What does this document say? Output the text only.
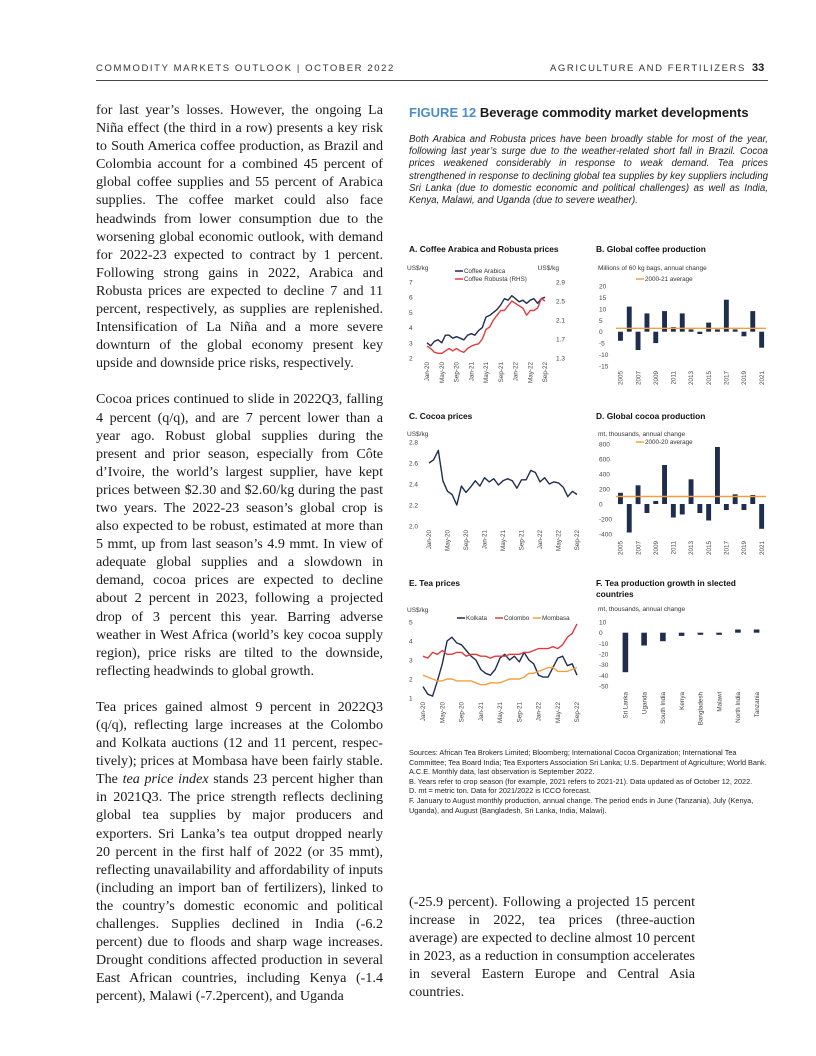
COMMODITY MARKETS OUTLOOK | OCTOBER 2022	AGRICULTURE AND FERTILIZERS 33

for last year’s losses. However, the ongoing La Niña effect (the third in a row) presents a key risk to South America coffee production, as Brazil and Colombia account for a combined 45 percent of global coffee supplies and 55 percent of Arabica supplies. The coffee market could also face headwinds from lower consumption due to the worsening global economic outlook, with demand for 2022-23 expected to contract by 1 percent. Following strong gains in 2022, Arabica and Robusta prices are expected to decline 7 and 11 percent, respectively, as supplies are replenished. Intensification of La Niña and a more severe downturn of the global economy present key upside and downside price risks, respectively.

Cocoa prices continued to slide in 2022Q3, falling 4 percent (q/q), and are 7 percent lower than a year ago. Robust global supplies during the present and prior season, especially from Côte d’Ivoire, the world’s largest supplier, have kept prices between $2.30 and $2.60/kg during the past two years. The 2022-23 season’s global crop is also expected to be robust, estimated at more than 5 mmt, up from last season’s 4.9 mmt. In view of adequate global supplies and a slowdown in demand, cocoa prices are expected to decline about 2 percent in 2023, following a projected drop of 3 percent this year. Barring adverse weather in West Africa (world’s key cocoa supply region), price risks are tilted to the downside, reflecting headwinds to global growth.

Tea prices gained almost 9 percent in 2022Q3 (q/q), reflecting large increases at the Colombo and Kolkata auctions (12 and 11 percent, respectively); prices at Mombasa have been fairly stable. The tea price index stands 23 percent higher than in 2021Q3. The price strength reflects declining global tea supplies by major producers and exporters. Sri Lanka’s tea output dropped nearly 20 percent in the first half of 2022 (or 35 mmt), reflecting unavailability and affordability of inputs (including an import ban of fertilizers), linked to the country’s domestic economic and political challenges. Supplies declined in India (-6.2 percent) due to floods and sharp wage increases. Drought conditions affected production in several East African countries, including Kenya (-1.4 percent), Malawi (-7.2percent), and Uganda

FIGURE 12 Beverage commodity market developments
Both Arabica and Robusta prices have been broadly stable for most of the year, following last year’s surge due to the weather-related short fall in Brazil. Cocoa prices weakened considerably in response to weak demand. Tea prices strengthened in response to declining global tea supplies by key suppliers including Sri Lanka (due to domestic economic and political challenges) as well as India, Kenya, Malawi, and Uganda (due to severe weather).
A. Coffee Arabica and Robusta prices	B. Global coffee production
C. Cocoa prices	D. Global cocoa production
E. Tea prices	F. Tea production growth in slected countries
US$/kg	US$/kg
2
3
4
5
6
7
1.3
1.7
2.1
2.5
2.9
Jan-20 May-20 Sep-20 Jan-21 May-21 Sep-21 Jan-22 May-22 Sep-22
Coffee Arabica
Coffee Robusta (RHS)
Millions of 60 kg bags, annual change
2000-21 average
20
15
10
5
0
-5
-10
-15
2005 2007 2009 2011 2013 2015 2017 2019 2021
US$/kg
2.0
2.2
2.4
2.6
2.8
Jan-20 May-20 Sep-20 Jan-21 May-21 Sep-21 Jan-22 May-22 Sep-22
mt, thousands, annual change
2000-20 average
800
600
400
200
0
-200
-400
2005 2007 2009 2011 2013 2015 2017 2019 2021
US$/kg
1
2
3
4
5
Jan-20 May-20 Sep-20 Jan-21 May-21 Sep-21 Jan-22 May-22 Sep-22
Kolkata	Colombo Mombasa
mt, thousands, annual change
10
0
-10
-20
-30
-40
-50
Sri Lanka Uganda South India Kenya Bangladesh Malawi North India Tanzania

Sources: African Tea Brokers Limited; Bloomberg; International Cocoa Organization; International Tea Committee; Tea Board India; Tea Exporters Association Sri Lanka; U.S. Department of Agriculture; World Bank.

A.C.E. Monthly data, last observation is September 2022.

B. Years refer to crop season (for example, 2021 refers to 2021-21). Data updated as of October 12, 2022.

D. mt = metric ton. Data for 2021/2022 is ICCO forecast.

F. January to August monthly production, annual change. The period ends in June (Tanzania), July (Kenya, Uganda), and August (Bangladesh, Sri Lanka, India, Malawi).

(-25.9 percent). Following a projected 15 percent increase in 2022, tea prices (three-auction average) are expected to decline almost 10 percent in 2023, as a reduction in consumption accelerates in several Eastern Europe and Central Asia countries.
